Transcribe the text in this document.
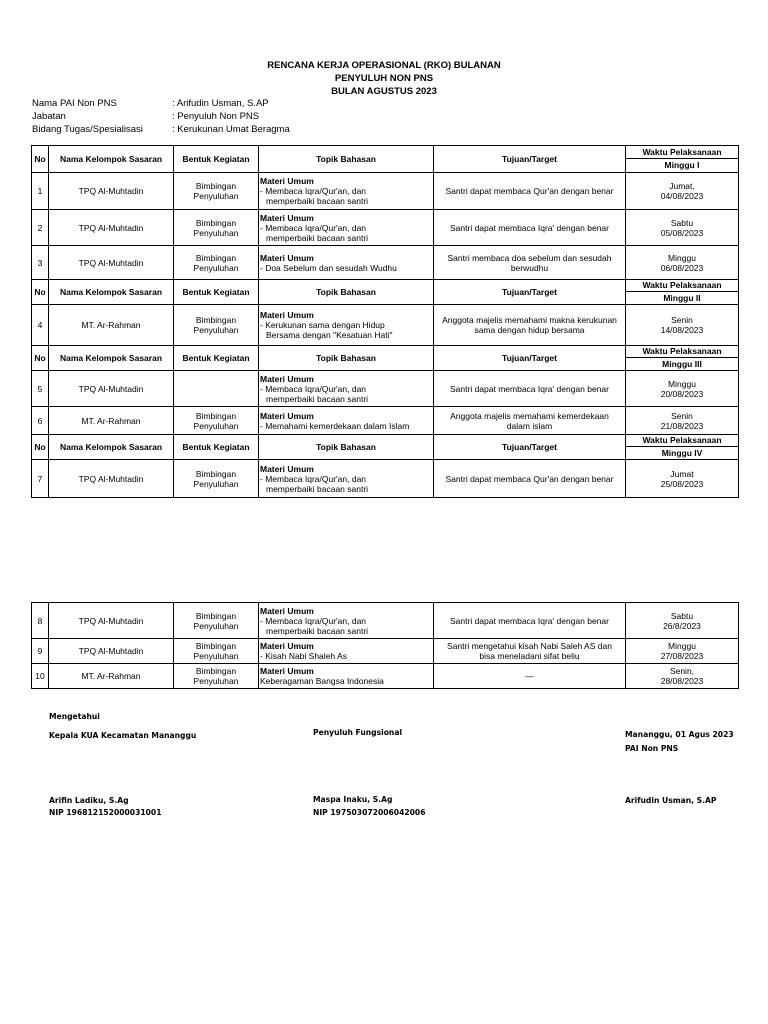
RENCANA KERJA OPERASIONAL (RKO) BULANAN
PENYULUH NON PNS
BULAN AGUSTUS 2023
Nama PAI Non PNS	: Arifudin Usman, S.AP
Jabatan	: Penyuluh Non PNS
Bidang Tugas/Spesialisasi	: Kerukunan Umat Beragma
No	Nama Kelompok Sasaran	Bentuk Kegiatan	Topik Bahasan	Tujuan/Target	Waktu Pelaksanaan
Minggu I

1	TPQ Al-Muhtadin	Bimbingan
Penyuluhan	Materi Umum
- Membaca Iqra/Qur'an, dan
memperbaiki bacaan santri	Santri dapat membaca Qur'an dengan benar	Jumat,
04/08/2023
2	TPQ Al-Muhtadin	Bimbingan
Penyuluhan	Materi Umum
- Membaca Iqra/Qur'an, dan
memperbaiki bacaan santri	Santri dapat membaca Iqra' dengan benar	Sabtu
05/08/2023
3	TPQ Al-Muhtadin	Bimbingan
Penyuluhan	Materi Umum
- Doa Sebelum dan sesudah Wudhu	Santri membaca doa sebelum dan sesudah
berwudhu	Minggu
06/08/2023
No	Nama Kelompok Sasaran	Bentuk Kegiatan	Topik Bahasan	Tujuan/Target	Waktu Pelaksanaan
Minggu II

4	MT. Ar-Rahman	Bimbingan
Penyuluhan	Materi Umum
- Kerukunan sama dengan Hidup
Bersama dengan "Kesatuan Hati"	Anggota majelis memahami makna kerukunan
sama dengan hidup bersama	Senin
14/08/2023
No	Nama Kelompok Sasaran	Bentuk Kegiatan	Topik Bahasan	Tujuan/Target	Waktu Pelaksanaan
Minggu III

5	TPQ Al-Muhtadin		Materi Umum
- Membaca Iqra/Qur'an, dan
memperbaiki bacaan santri	Santri dapat membaca Iqra' dengan benar	Minggu
20/08/2023
6	MT. Ar-Rahman	Bimbingan
Penyuluhan	Materi Umum
- Memahami kemerdekaan dalam Islam	Anggota majelis memahami kemerdekaan
dalam islam	Senin
21/08/2023
No	Nama Kelompok Sasaran	Bentuk Kegiatan	Topik Bahasan	Tujuan/Target	Waktu Pelaksanaan
Minggu IV

7	TPQ Al-Muhtadin	Bimbingan
Penyuluhan	Materi Umum
- Membaca Iqra/Qur'an, dan
memperbaiki bacaan santri	Santri dapat membaca Qur'an dengan benar	Jumat
25/08/2023
8	TPQ Al-Muhtadin	Bimbingan
Penyuluhan	Materi Umum
- Membaca Iqra/Qur'an, dan
memperbaiki bacaan santri	Santri dapat membaca Iqra' dengan benar	Sabtu
26/8/2023
9	TPQ Al-Muhtadin	Bimbingan
Penyuluhan	Materi Umum
- Kisah Nabi Shaleh As	Santri mengetahui kisah Nabi Saleh AS dan
bisa meneladani sifat beliu	Minggu
27/08/2023
10	MT. Ar-Rahman	Bimbingan
Penyuluhan	Materi Umum
Keberagaman Bangsa Indonesia	—	Senin,
28/08/2023
Mengetahui
Kepala KUA Kecamatan Mananggu	Penyuluh Fungsional	Mananggu, 01 Agus 2023
PAI Non PNS
Arifin Ladiku, S.Ag
NIP 196812152000031001
Maspa Inaku, S.Ag
NIP 197503072006042006
Arifudin Usman, S.AP
